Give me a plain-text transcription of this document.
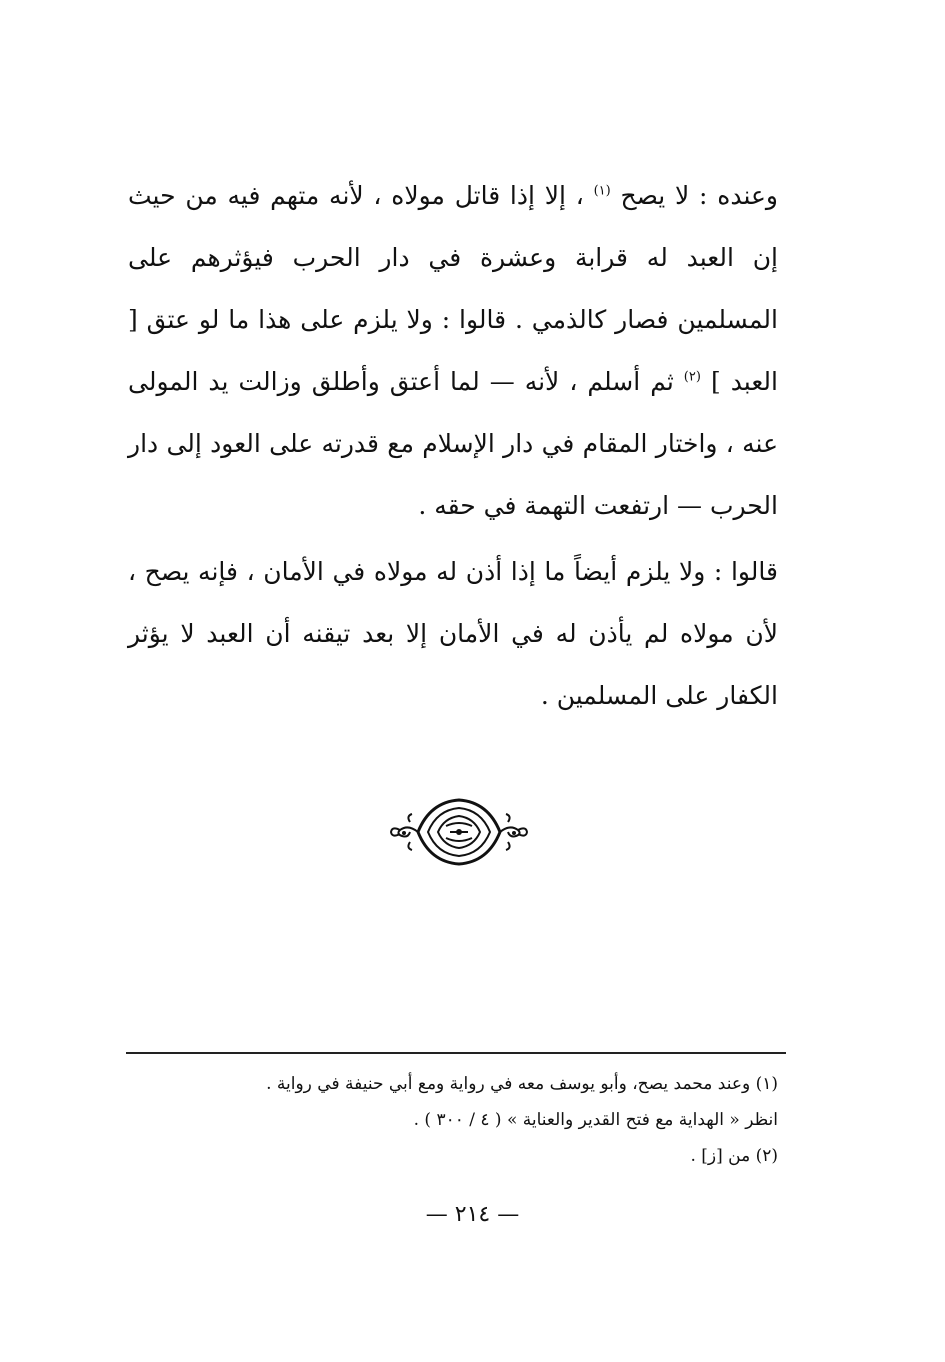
وعنده : لا يصح $^{(١)}$ ، إلا إذا قاتل مولاه ، لأنه متهم فيه من حيث إن العبد له قرابة وعشرة في دار الحرب فيؤثرهم على المسلمين فصار كالذمي . قالوا : ولا يلزم على هذا ما لو عتق [ العبد ] $^{(٢)}$ ثم أسلم ، لأنه — لما أعتق وأطلق وزالت يد المولى عنه ، واختار المقام في دار الإسلام مع قدرته على العود إلى دار الحرب — ارتفعت التهمة في حقه .

قالوا : ولا يلزم أيضاً ما إذا أذن له مولاه في الأمان ، فإنه يصح ، لأن مولاه لم يأذن له في الأمان إلا بعد تيقنه أن العبد لا يؤثر الكفار على المسلمين .

(١) وعند محمد يصح، وأبو يوسف معه في رواية ومع أبي حنيفة في رواية .

انظر « الهداية مع فتح القدير والعناية » ( ٤ / ٣٠٠ ) .

(٢) من [ز] .

— ٢١٤ —
